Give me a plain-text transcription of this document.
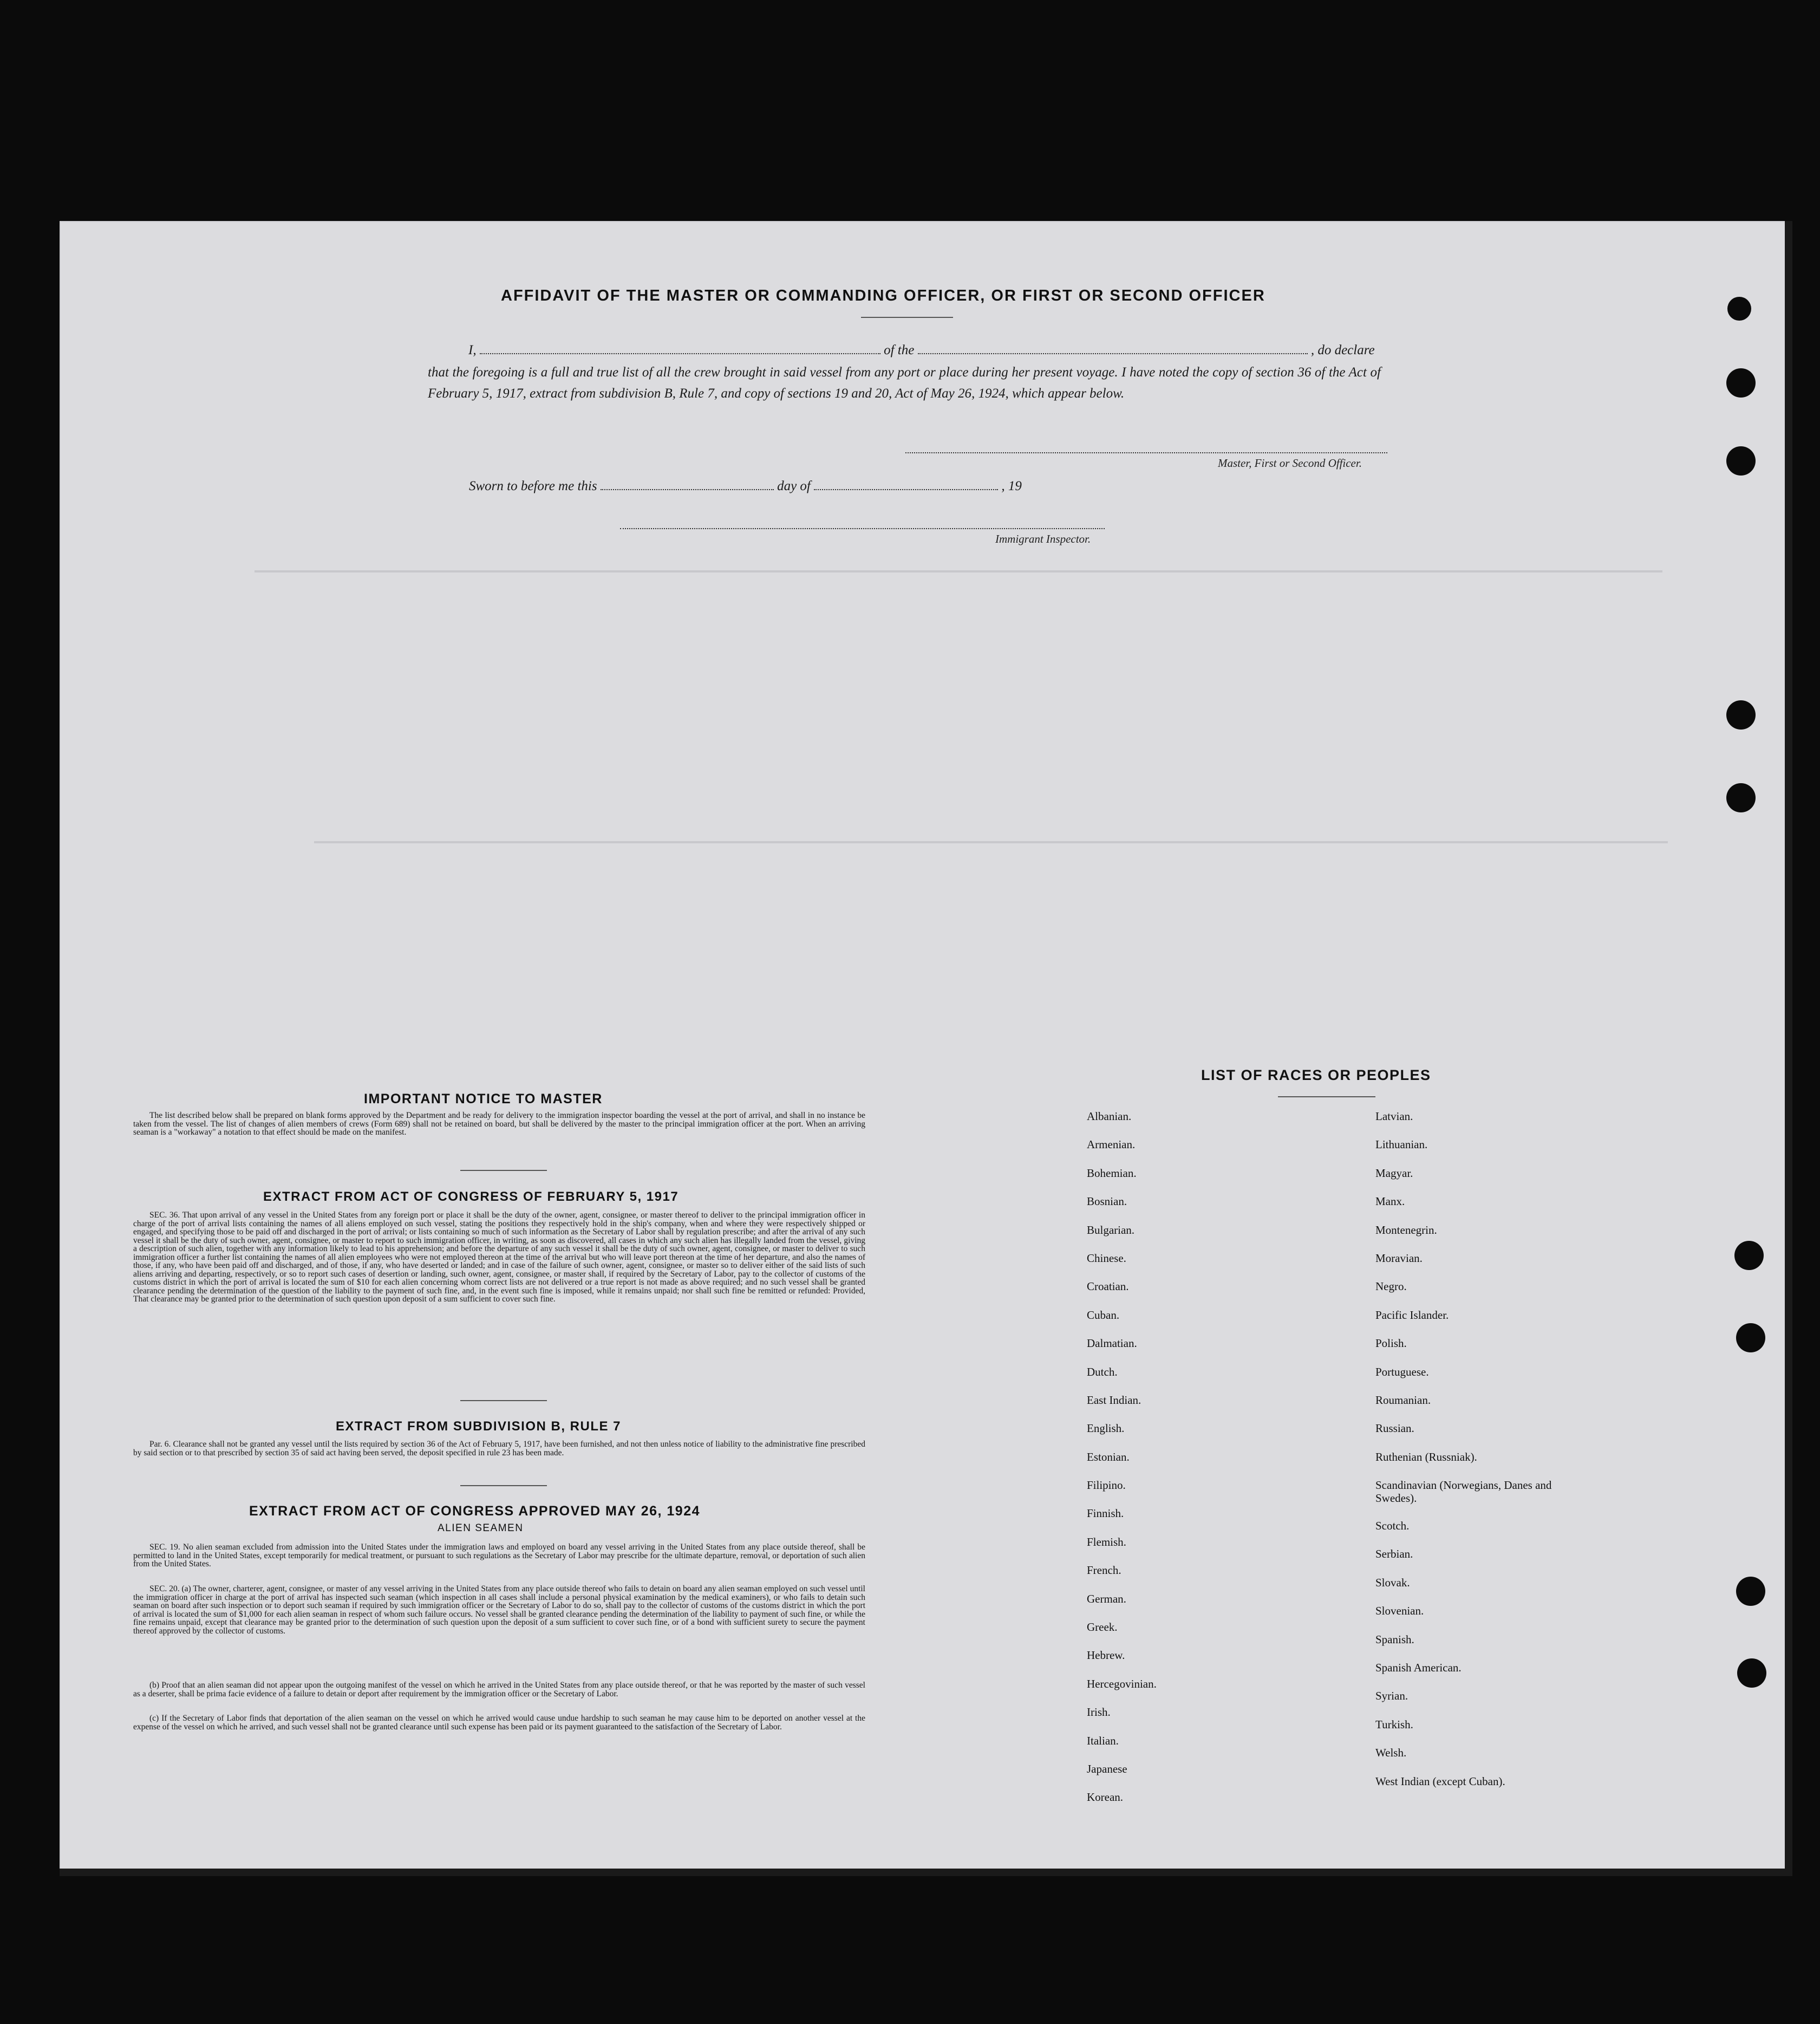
AFFIDAVIT OF THE MASTER OR COMMANDING OFFICER, OR FIRST OR SECOND OFFICER
I,	of the	, do declare
that the foregoing is a full and true list of all the crew brought in said vessel from any port or place during her present voyage. I have noted the copy of section 36 of the Act of February 5, 1917, extract from subdivision B, Rule 7, and copy of sections 19 and 20, Act of May 26, 1924, which appear below.
Master, First or Second Officer.
Sworn to before me this	day of	, 19
Immigrant Inspector.
IMPORTANT NOTICE TO MASTER
The list described below shall be prepared on blank forms approved by the Department and be ready for delivery to the immigration inspector boarding the vessel at the port of arrival, and shall in no instance be taken from the vessel. The list of changes of alien members of crews (Form 689) shall not be retained on board, but shall be delivered by the master to the principal immigration officer at the port. When an arriving seaman is a "workaway" a notation to that effect should be made on the manifest.
EXTRACT FROM ACT OF CONGRESS OF FEBRUARY 5, 1917
SEC. 36. That upon arrival of any vessel in the United States from any foreign port or place it shall be the duty of the owner, agent, consignee, or master thereof to deliver to the principal immigration officer in charge of the port of arrival lists containing the names of all aliens employed on such vessel, stating the positions they respectively hold in the ship's company, when and where they were respectively shipped or engaged, and specifying those to be paid off and discharged in the port of arrival; or lists containing so much of such information as the Secretary of Labor shall by regulation prescribe; and after the arrival of any such vessel it shall be the duty of such owner, agent, consignee, or master to report to such immigration officer, in writing, as soon as discovered, all cases in which any such alien has illegally landed from the vessel, giving a description of such alien, together with any information likely to lead to his apprehension; and before the departure of any such vessel it shall be the duty of such owner, agent, consignee, or master to deliver to such immigration officer a further list containing the names of all alien employees who were not employed thereon at the time of the arrival but who will leave port thereon at the time of her departure, and also the names of those, if any, who have been paid off and discharged, and of those, if any, who have deserted or landed; and in case of the failure of such owner, agent, consignee, or master so to deliver either of the said lists of such aliens arriving and departing, respectively, or so to report such cases of desertion or landing, such owner, agent, consignee, or master shall, if required by the Secretary of Labor, pay to the collector of customs of the customs district in which the port of arrival is located the sum of $10 for each alien concerning whom correct lists are not delivered or a true report is not made as above required; and no such vessel shall be granted clearance pending the determination of the question of the liability to the payment of such fine, and, in the event such fine is imposed, while it remains unpaid; nor shall such fine be remitted or refunded: Provided, That clearance may be granted prior to the determination of such question upon deposit of a sum sufficient to cover such fine.
EXTRACT FROM SUBDIVISION B, RULE 7
Par. 6. Clearance shall not be granted any vessel until the lists required by section 36 of the Act of February 5, 1917, have been furnished, and not then unless notice of liability to the administrative fine prescribed by said section or to that prescribed by section 35 of said act having been served, the deposit specified in rule 23 has been made.
EXTRACT FROM ACT OF CONGRESS APPROVED MAY 26, 1924
ALIEN SEAMEN
SEC. 19. No alien seaman excluded from admission into the United States under the immigration laws and employed on board any vessel arriving in the United States from any place outside thereof, shall be permitted to land in the United States, except temporarily for medical treatment, or pursuant to such regulations as the Secretary of Labor may prescribe for the ultimate departure, removal, or deportation of such alien from the United States.
SEC. 20. (a) The owner, charterer, agent, consignee, or master of any vessel arriving in the United States from any place outside thereof who fails to detain on board any alien seaman employed on such vessel until the immigration officer in charge at the port of arrival has inspected such seaman (which inspection in all cases shall include a personal physical examination by the medical examiners), or who fails to detain such seaman on board after such inspection or to deport such seaman if required by such immigration officer or the Secretary of Labor to do so, shall pay to the collector of customs of the customs district in which the port of arrival is located the sum of $1,000 for each alien seaman in respect of whom such failure occurs. No vessel shall be granted clearance pending the determination of the liability to payment of such fine, or while the fine remains unpaid, except that clearance may be granted prior to the determination of such question upon the deposit of a sum sufficient to cover such fine, or of a bond with sufficient surety to secure the payment thereof approved by the collector of customs.
(b) Proof that an alien seaman did not appear upon the outgoing manifest of the vessel on which he arrived in the United States from any place outside thereof, or that he was reported by the master of such vessel as a deserter, shall be prima facie evidence of a failure to detain or deport after requirement by the immigration officer or the Secretary of Labor.
(c) If the Secretary of Labor finds that deportation of the alien seaman on the vessel on which he arrived would cause undue hardship to such seaman he may cause him to be deported on another vessel at the expense of the vessel on which he arrived, and such vessel shall not be granted clearance until such expense has been paid or its payment guaranteed to the satisfaction of the Secretary of Labor.
LIST OF RACES OR PEOPLES
Albanian.
Armenian.
Bohemian.
Bosnian.
Bulgarian.
Chinese.
Croatian.
Cuban.
Dalmatian.
Dutch.
East Indian.
English.
Estonian.
Filipino.
Finnish.
Flemish.
French.
German.
Greek.
Hebrew.
Hercegovinian.
Irish.
Italian.
Japanese
Korean.
Latvian.
Lithuanian.
Magyar.
Manx.
Montenegrin.
Moravian.
Negro.
Pacific Islander.
Polish.
Portuguese.
Roumanian.
Russian.
Ruthenian (Russniak).
Scandinavian (Norwegians, Danes and Swedes).
Scotch.
Serbian.
Slovak.
Slovenian.
Spanish.
Spanish American.
Syrian.
Turkish.
Welsh.
West Indian (except Cuban).
